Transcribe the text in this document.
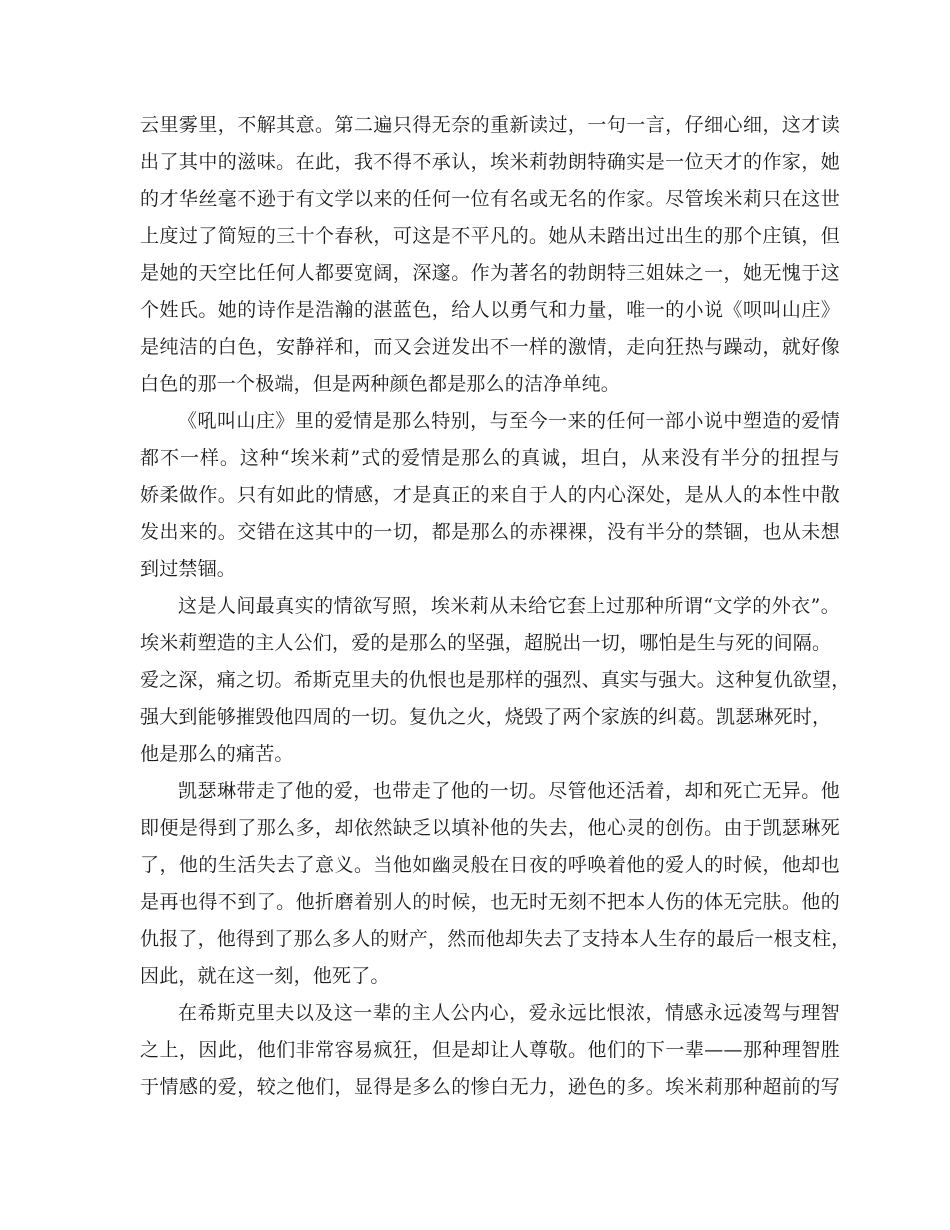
云里雾里，不解其意。第二遍只得无奈的重新读过，一句一言，仔细心细，这才读
出了其中的滋味。在此，我不得不承认，埃米莉勃朗特确实是一位天才的作家，她
的才华丝毫不逊于有文学以来的任何一位有名或无名的作家。尽管埃米莉只在这世
上度过了简短的三十个春秋，可这是不平凡的。她从未踏出过出生的那个庄镇，但
是她的天空比任何人都要宽阔，深邃。作为著名的勃朗特三姐妹之一，她无愧于这
个姓氏。她的诗作是浩瀚的湛蓝色，给人以勇气和力量，唯一的小说《呗叫山庄》
是纯洁的白色，安静祥和，而又会迸发出不一样的激情，走向狂热与躁动，就好像
白色的那一个极端，但是两种颜色都是那么的洁净单纯。
《吼叫山庄》里的爱情是那么特别，与至今一来的任何一部小说中塑造的爱情
都不一样。这种“埃米莉”式的爱情是那么的真诚，坦白，从来没有半分的扭捏与
娇柔做作。只有如此的情感，才是真正的来自于人的内心深处，是从人的本性中散
发出来的。交错在这其中的一切，都是那么的赤裸裸，没有半分的禁锢，也从未想
到过禁锢。
这是人间最真实的情欲写照，埃米莉从未给它套上过那种所谓“文学的外衣”。
埃米莉塑造的主人公们，爱的是那么的坚强，超脱出一切，哪怕是生与死的间隔。
爱之深，痛之切。希斯克里夫的仇恨也是那样的强烈、真实与强大。这种复仇欲望，
强大到能够摧毁他四周的一切。复仇之火，烧毁了两个家族的纠葛。凯瑟琳死时，
他是那么的痛苦。
凯瑟琳带走了他的爱，也带走了他的一切。尽管他还活着，却和死亡无异。他
即便是得到了那么多，却依然缺乏以填补他的失去，他心灵的创伤。由于凯瑟琳死
了，他的生活失去了意义。当他如幽灵般在日夜的呼唤着他的爱人的时候，他却也
是再也得不到了。他折磨着别人的时候，也无时无刻不把本人伤的体无完肤。他的
仇报了，他得到了那么多人的财产，然而他却失去了支持本人生存的最后一根支柱，
因此，就在这一刻，他死了。
在希斯克里夫以及这一辈的主人公内心，爱永远比恨浓，情感永远凌驾与理智
之上，因此，他们非常容易疯狂，但是却让人尊敬。他们的下一辈——那种理智胜
于情感的爱，较之他们，显得是多么的惨白无力，逊色的多。埃米莉那种超前的写
